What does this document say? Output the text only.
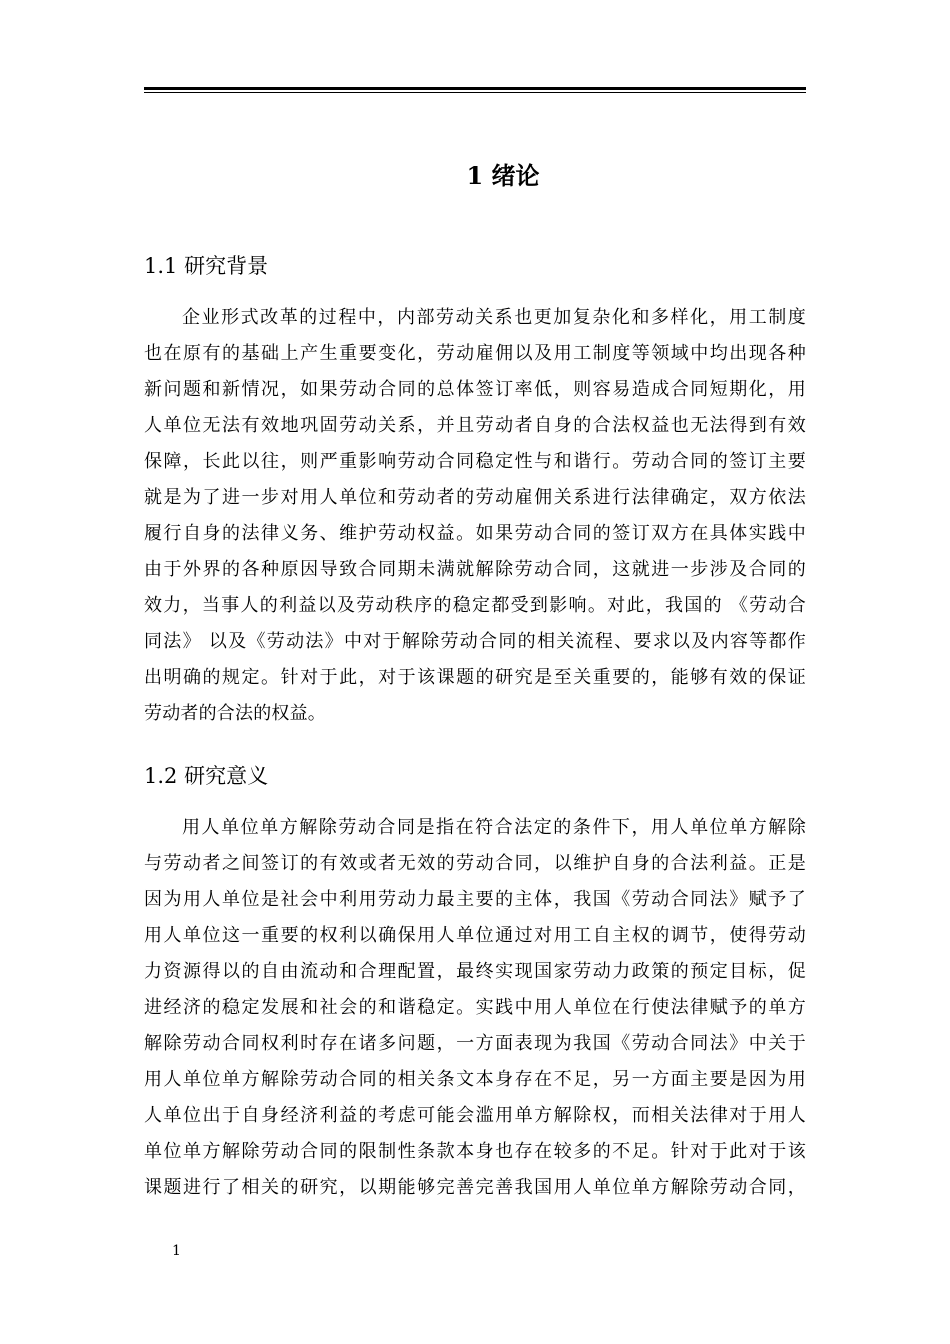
1 绪论
1.1 研究背景
企业形式改革的过程中，内部劳动关系也更加复杂化和多样化，用工制度
也在原有的基础上产生重要变化，劳动雇佣以及用工制度等领域中均出现各种
新问题和新情况，如果劳动合同的总体签订率低，则容易造成合同短期化，用
人单位无法有效地巩固劳动关系，并且劳动者自身的合法权益也无法得到有效
保障，长此以往，则严重影响劳动合同稳定性与和谐行。劳动合同的签订主要
就是为了进一步对用人单位和劳动者的劳动雇佣关系进行法律确定，双方依法
履行自身的法律义务、维护劳动权益。如果劳动合同的签订双方在具体实践中
由于外界的各种原因导致合同期未满就解除劳动合同，这就进一步涉及合同的
效力，当事人的利益以及劳动秩序的稳定都受到影响。对此，我国的 《劳动合
同法》 以及《劳动法》中对于解除劳动合同的相关流程、要求以及内容等都作
出明确的规定。针对于此，对于该课题的研究是至关重要的，能够有效的保证
劳动者的合法的权益。
1.2 研究意义
用人单位单方解除劳动合同是指在符合法定的条件下，用人单位单方解除
与劳动者之间签订的有效或者无效的劳动合同，以维护自身的合法利益。正是
因为用人单位是社会中利用劳动力最主要的主体，我国《劳动合同法》赋予了
用人单位这一重要的权利以确保用人单位通过对用工自主权的调节，使得劳动
力资源得以的自由流动和合理配置，最终实现国家劳动力政策的预定目标，促
进经济的稳定发展和社会的和谐稳定。实践中用人单位在行使法律赋予的单方
解除劳动合同权利时存在诸多问题，一方面表现为我国《劳动合同法》中关于
用人单位单方解除劳动合同的相关条文本身存在不足，另一方面主要是因为用
人单位出于自身经济利益的考虑可能会滥用单方解除权，而相关法律对于用人
单位单方解除劳动合同的限制性条款本身也存在较多的不足。针对于此对于该
课题进行了相关的研究，以期能够完善完善我国用人单位单方解除劳动合同，
1
